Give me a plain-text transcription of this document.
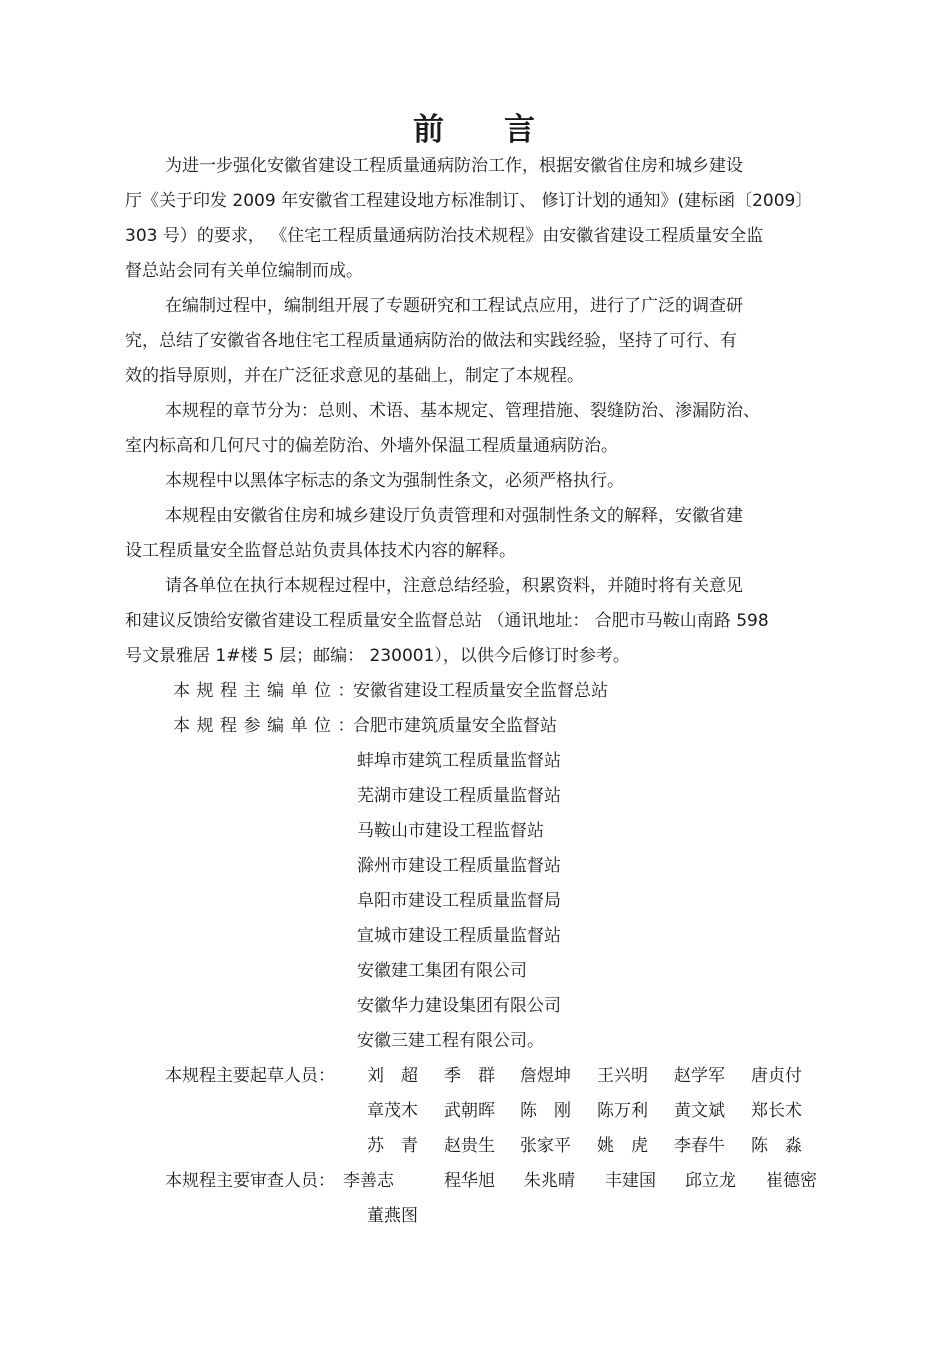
前 言
为进一步强化安徽省建设工程质量通病防治工作，根据安徽省住房和城乡建设
厅《关于印发 2009 年安徽省工程建设地方标准制订、 修订计划的通知》(建标函〔2009〕
303 号）的要求， 《住宅工程质量通病防治技术规程》由安徽省建设工程质量安全监
督总站会同有关单位编制而成。
在编制过程中，编制组开展了专题研究和工程试点应用，进行了广泛的调查研
究，总结了安徽省各地住宅工程质量通病防治的做法和实践经验，坚持了可行、有
效的指导原则，并在广泛征求意见的基础上，制定了本规程。
本规程的章节分为：总则、术语、基本规定、管理措施、裂缝防治、渗漏防治、
室内标高和几何尺寸的偏差防治、外墙外保温工程质量通病防治。
本规程中以黑体字标志的条文为强制性条文，必须严格执行。
本规程由安徽省住房和城乡建设厅负责管理和对强制性条文的解释，安徽省建
设工程质量安全监督总站负责具体技术内容的解释。
请各单位在执行本规程过程中，注意总结经验，积累资料，并随时将有关意见
和建议反馈给安徽省建设工程质量安全监督总站 （通讯地址： 合肥市马鞍山南路 598
号文景雅居 1#楼 5 层；邮编： 230001），以供今后修订时参考。
本规程主编单位：
安徽省建设工程质量安全监督总站
本规程参编单位：
合肥市建筑质量安全监督站
蚌埠市建筑工程质量监督站
芜湖市建设工程质量监督站
马鞍山市建设工程监督站
滁州市建设工程质量监督站
阜阳市建设工程质量监督局
宣城市建设工程质量监督站
安徽建工集团有限公司
安徽华力建设集团有限公司
安徽三建工程有限公司。
本规程主要起草人员： 刘　超 季　群 詹煜坤 王兴明 赵学军 唐贞付
章茂木 武朝晖 陈　刚 陈万利 黄文斌 郑长术
苏　青 赵贵生 张家平 姚　虎 李春牛 陈　淼
本规程主要审查人员： 李善志	程华旭 朱兆晴 丰建国 邱立龙 崔德密
董燕图
